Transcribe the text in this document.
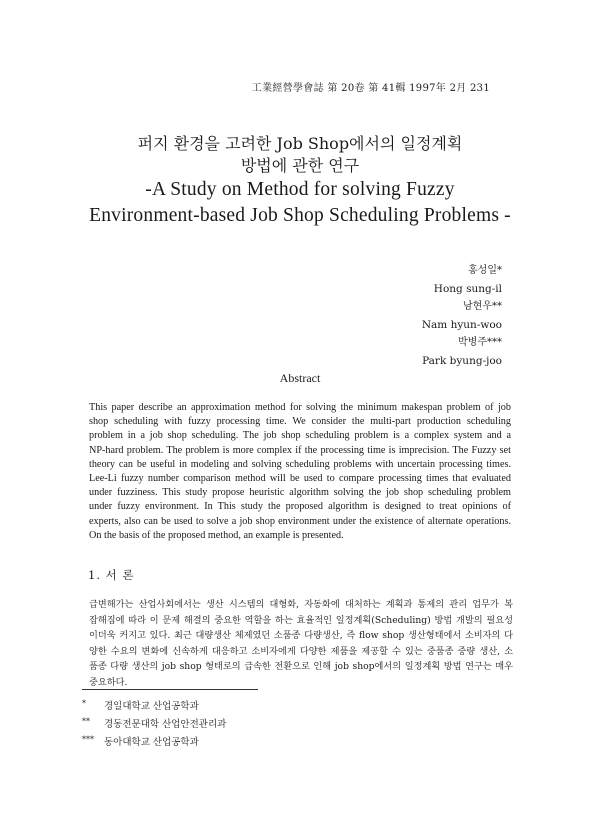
工業經營學會誌 第 20卷 第 41輯 1997年 2月 231
퍼지 환경을 고려한 Job Shop에서의 일정계획
방법에 관한 연구
-A Study on Method for solving Fuzzy
Environment-based Job Shop Scheduling Problems -
홍성일*
Hong sung-il
남현우**
Nam hyun-woo
박병주***
Park byung-joo
Abstract
This paper describe an approximation method for solving the minimum makespan problem of job
shop scheduling with fuzzy processing time. We consider the multi-part production scheduling
problem in a job shop scheduling. The job shop scheduling problem is a complex system and a
NP-hard problem. The problem is more complex if the processing time is imprecision. The Fuzzy set
theory can be useful in modeling and solving scheduling problems with uncertain processing times.
Lee-Li fuzzy number comparison method will be used to compare processing times that evaluated
under fuzziness. This study propose heuristic algorithm solving the job shop scheduling problem
under fuzzy environment. In This study the proposed algorithm is designed to treat opinions of
experts, also can be used to solve a job shop environment under the existence of alternate operations.
On the basis of the proposed method, an example is presented.
1. 서 론
급변해가는 산업사회에서는 생산 시스템의 대형화, 자동화에 대처하는 계획과 통제의 관리 업무가 복
잡해짐에 따라 이 문제 해결의 중요한 역할을 하는 효율적인 일정계획(Scheduling) 방법 개발의 필요성
이더욱 커지고 있다. 최근 대량생산 체제였던 소품종 다량생산, 즉 flow shop 생산형태에서 소비자의 다
양한 수요의 변화에 신속하게 대응하고 소비자에게 다양한 제품을 제공할 수 있는 중품종 중량 생산, 소
품종 다량 생산의 job shop 형태로의 급속한 전환으로 인해 job shop에서의 일정계획 방법 연구는 매우
중요하다.
*	경일대학교 산업공학과
**	경동전문대학 산업안전관리과
***	동아대학교 산업공학과
